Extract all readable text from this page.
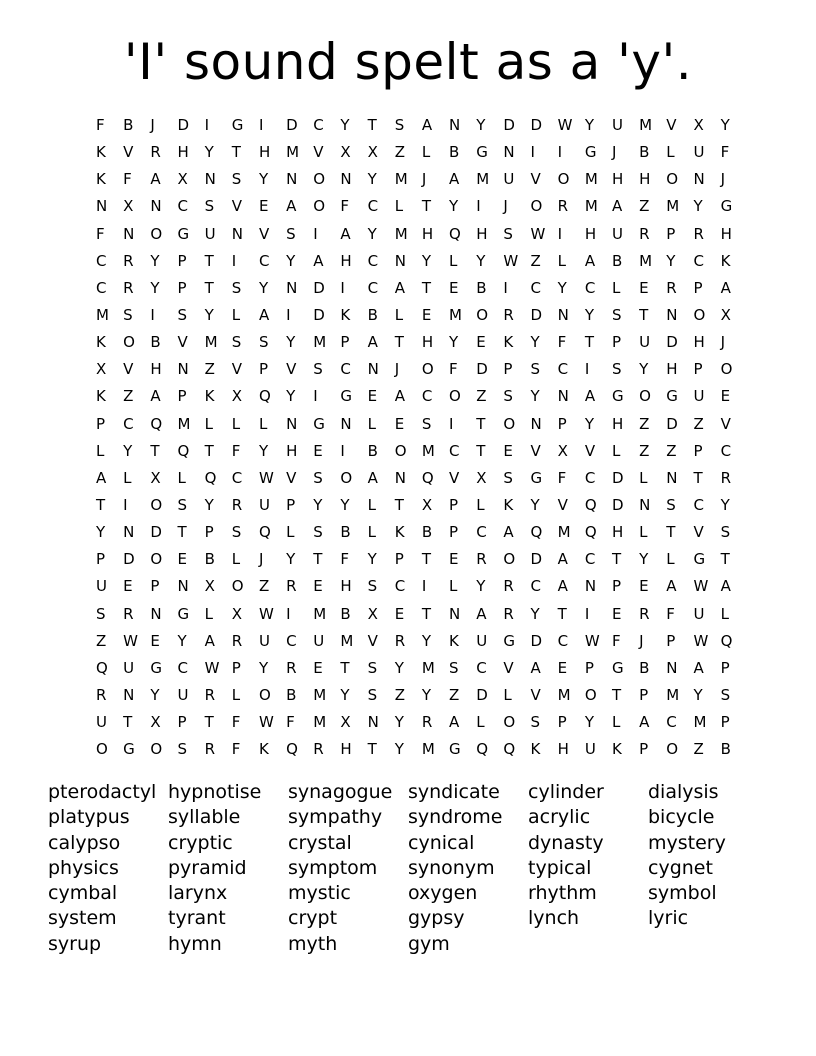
'I' sound spelt as a 'y'.
F	B	J	D	I	G	I	D	C	Y	T	S	A	N	Y	D	D	W Y	U	M V	X	Y
K	V	R	H	Y	T	H	M V	X	X	Z	L	B	G	N	I	I	G	J	B	L	U	F
K	F	A	X	N	S	Y	N	O	N	Y	M J	A	M U	V	O	M H	H	O	N	J
N	X	N	C	S	V	E	A	O	F	C	L	T	Y	I	J	O	R	M A	Z	M Y	G
F	N	O	G	U	N	V	S	I	A	Y	M H	Q	H	S	W I	H	U	R	P	R	H
C	R	Y	P	T	I	C	Y	A	H	C	N	Y	L	Y	W Z	L	A	B	M Y	C	K
C	R	Y	P	T	S	Y	N	D	I	C	A	T	E	B	I	C	Y	C	L	E	R	P	A
M S	I	S	Y	L	A	I	D	K	B	L	E	M O	R	D	N	Y	S	T	N	O	X
K	O	B	V	M S	S	Y	M P	A	T	H	Y	E	K	Y	F	T	P	U	D	H	J
X	V	H	N	Z	V	P	V	S	C	N	J	O	F	D	P	S	C	I	S	Y	H	P	O
K	Z	A	P	K	X	Q	Y	I	G	E	A	C	O	Z	S	Y	N	A	G	O	G	U	E
P	C	Q	M L	L	L	N	G	N	L	E	S	I	T	O	N	P	Y	H	Z	D	Z	V
L	Y	T	Q	T	F	Y	H	E	I	B	O	M C	T	E	V	X	V	L	Z	Z	P	C
A	L	X	L	Q	C	W V	S	O	A	N	Q	V	X	S	G	F	C	D	L	N	T	R
T	I	O	S	Y	R	U	P	Y	Y	L	T	X	P	L	K	Y	V	Q	D	N	S	C	Y
Y	N	D	T	P	S	Q	L	S	B	L	K	B	P	C	A	Q	M Q	H	L	T	V	S
P	D	O	E	B	L	J	Y	T	F	Y	P	T	E	R	O	D	A	C	T	Y	L	G	T
U	E	P	N	X	O	Z	R	E	H	S	C	I	L	Y	R	C	A	N	P	E	A	W A
S	R	N	G	L	X	W I	M B	X	E	T	N	A	R	Y	T	I	E	R	F	U	L
Z	W E	Y	A	R	U	C	U	M V	R	Y	K	U	G	D	C	W F	J	P	W Q
Q	U	G	C	W P	Y	R	E	T	S	Y	M S	C	V	A	E	P	G	B	N	A	P
R	N	Y	U	R	L	O	B	M Y	S	Z	Y	Z	D	L	V	M O	T	P	M Y	S
U	T	X	P	T	F	W F	M X	N	Y	R	A	L	O	S	P	Y	L	A	C	M P
O	G	O	S	R	F	K	Q	R	H	T	Y	M G	Q	Q	K	H	U	K	P	O	Z	B
pterodactyl
platypus
calypso
physics
cymbal
system
syrup
hypnotise
syllable
cryptic
pyramid
larynx
tyrant
hymn
synagogue
sympathy
crystal
symptom
mystic
crypt
myth
syndicate
syndrome
cynical
synonym
oxygen
gypsy
gym
cylinder
acrylic
dynasty
typical
rhythm
lynch
dialysis
bicycle
mystery
cygnet
symbol
lyric
